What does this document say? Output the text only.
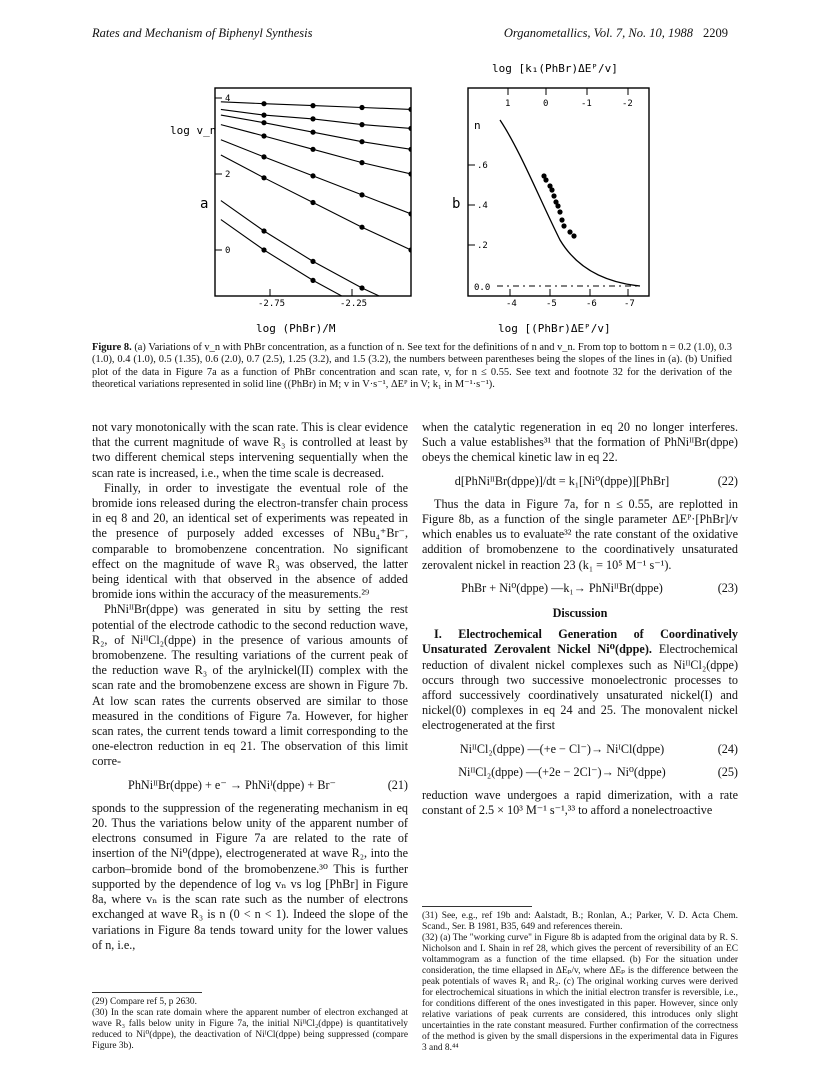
Rates and Mechanism of Biphenyl Synthesis	Organometallics, Vol. 7, No. 10, 1988 2209
log v_n
a
4
2
0
-2.75	-2.25
log (PhBr)/M
log [k₁(PhBr)ΔEᴾ/v]
b
n
1	0	-1	-2
.6
.4
.2
0.0
-4	-5	-6	-7
log [(PhBr)ΔEᴾ/v]
Figure 8. (a) Variations of v_n with PhBr concentration, as a function of n. See text for the definitions of n and v_n. From top to bottom n = 0.2 (1.0), 0.3 (1.0), 0.4 (1.0), 0.5 (1.35), 0.6 (2.0), 0.7 (2.5), 1.25 (3.2), and 1.5 (3.2), the numbers between parentheses being the slopes of the lines in (a). (b) Unified plot of the data in Figure 7a as a function of PhBr concentration and scan rate, v, for n ≤ 0.55. See text and footnote 32 for the derivation of the theoretical variations represented in solid line ((PhBr) in M; v in V·s⁻¹, ΔEᴾ in V; k₁ in M⁻¹·s⁻¹).

not vary monotonically with the scan rate. This is clear evidence that the current magnitude of wave R₃ is controlled at least by two different chemical steps intervening sequentially when the scan rate is increased, i.e., when the time scale is decreased.

Finally, in order to investigate the eventual role of the bromide ions released during the electron-transfer chain process in eq 8 and 20, an identical set of experiments was repeated in the presence of purposely added excesses of NBu₄⁺Br⁻, comparable to bromobenzene concentration. No significant effect on the magnitude of wave R₃ was observed, the latter being identical with that observed in the absence of added bromide ions within the accuracy of the measurements.²⁹

PhNiᴵᴵBr(dppe) was generated in situ by setting the rest potential of the electrode cathodic to the second reduction wave, R₂, of NiᴵᴵCl₂(dppe) in the presence of various amounts of bromobenzene. The resulting variations of the current peak of the reduction wave R₃ of the arylnickel(II) complex with the scan rate and the bromobenzene excess are shown in Figure 7b. At low scan rates the currents observed are similar to those measured in the conditions of Figure 7a. However, for higher scan rates, the current tends toward a limit corresponding to the one-electron reduction in eq 21. The observation of this limit corre-

PhNiᴵᴵBr(dppe) + e⁻ → PhNiᴵ(dppe) + Br⁻	(21)

sponds to the suppression of the regenerating mechanism in eq 20. Thus the variations below unity of the apparent number of electrons consumed in Figure 7a are related to the rate of insertion of the Ni⁰(dppe), electrogenerated at wave R₂, into the carbon–bromide bond of the bromobenzene.³⁰ This is further supported by the dependence of log vₙ vs log [PhBr] in Figure 8a, where vₙ is the scan rate such as the number of electrons exchanged at wave R₃ is n (0 < n < 1). Indeed the slope of the variations in Figure 8a tends toward unity for the lower values of n, i.e.,

(29) Compare ref 5, p 2630.
(30) In the scan rate domain where the apparent number of electron exchanged at wave R₃ falls below unity in Figure 7a, the initial NiᴵᴵCl₂(dppe) is quantitatively reduced to Ni⁰(dppe), the deactivation of NiᴵCl(dppe) being suppressed (compare Figure 3b).

when the catalytic regeneration in eq 20 no longer interferes. Such a value establishes³¹ that the formation of PhNiᴵᴵBr(dppe) obeys the chemical kinetic law in eq 22.

d[PhNiᴵᴵBr(dppe)]/dt = k₁[Ni⁰(dppe)][PhBr]	(22)

Thus the data in Figure 7a, for n ≤ 0.55, are replotted in Figure 8b, as a function of the single parameter ΔEᴾ·[PhBr]/v which enables us to evaluate³² the rate constant of the oxidative addition of bromobenzene to the coordinatively unsaturated zerovalent nickel in reaction 23 (k₁ = 10⁵ M⁻¹ s⁻¹).

PhBr + Ni⁰(dppe) —k₁→ PhNiᴵᴵBr(dppe)	(23)
Discussion

I. Electrochemical Generation of Coordinatively Unsaturated Zerovalent Nickel Ni⁰(dppe). Electrochemical reduction of divalent nickel complexes such as NiᴵᴵCl₂(dppe) occurs through two successive monoelectronic processes to afford successively coordinatively unsaturated nickel(I) and nickel(0) complexes in eq 24 and 25. The monovalent nickel electrogenerated at the first

NiᴵᴵCl₂(dppe) —(+e − Cl⁻)→ NiᴵCl(dppe)	(24)
NiᴵᴵCl₂(dppe) —(+2e − 2Cl⁻)→ Ni⁰(dppe)	(25)

reduction wave undergoes a rapid dimerization, with a rate constant of 2.5 × 10³ M⁻¹ s⁻¹,³³ to afford a nonelectroactive

(31) See, e.g., ref 19b and: Aalstadt, B.; Ronlan, A.; Parker, V. D. Acta Chem. Scand., Ser. B 1981, B35, 649 and references therein.
(32) (a) The "working curve" in Figure 8b is adapted from the original data by R. S. Nicholson and I. Shain in ref 28, which gives the percent of reversibility of an EC voltammogram as a function of the time ellapsed. (b) For the situation under consideration, the time ellapsed in ΔEₚ/v, where ΔEₚ is the difference between the peak potentials of waves R₁ and R₂. (c) The original working curves were derived for electrochemical situations in which the initial electron transfer is reversible, i.e., for conditions different of the ones investigated in this paper. However, since only relative variations of peak currents are considered, this introduces only slight uncertainties in the rate constant measured. Further confirmation of the correctness of the method is given by the small dispersions in the experimental data in Figures 3 and 8.⁴⁴
